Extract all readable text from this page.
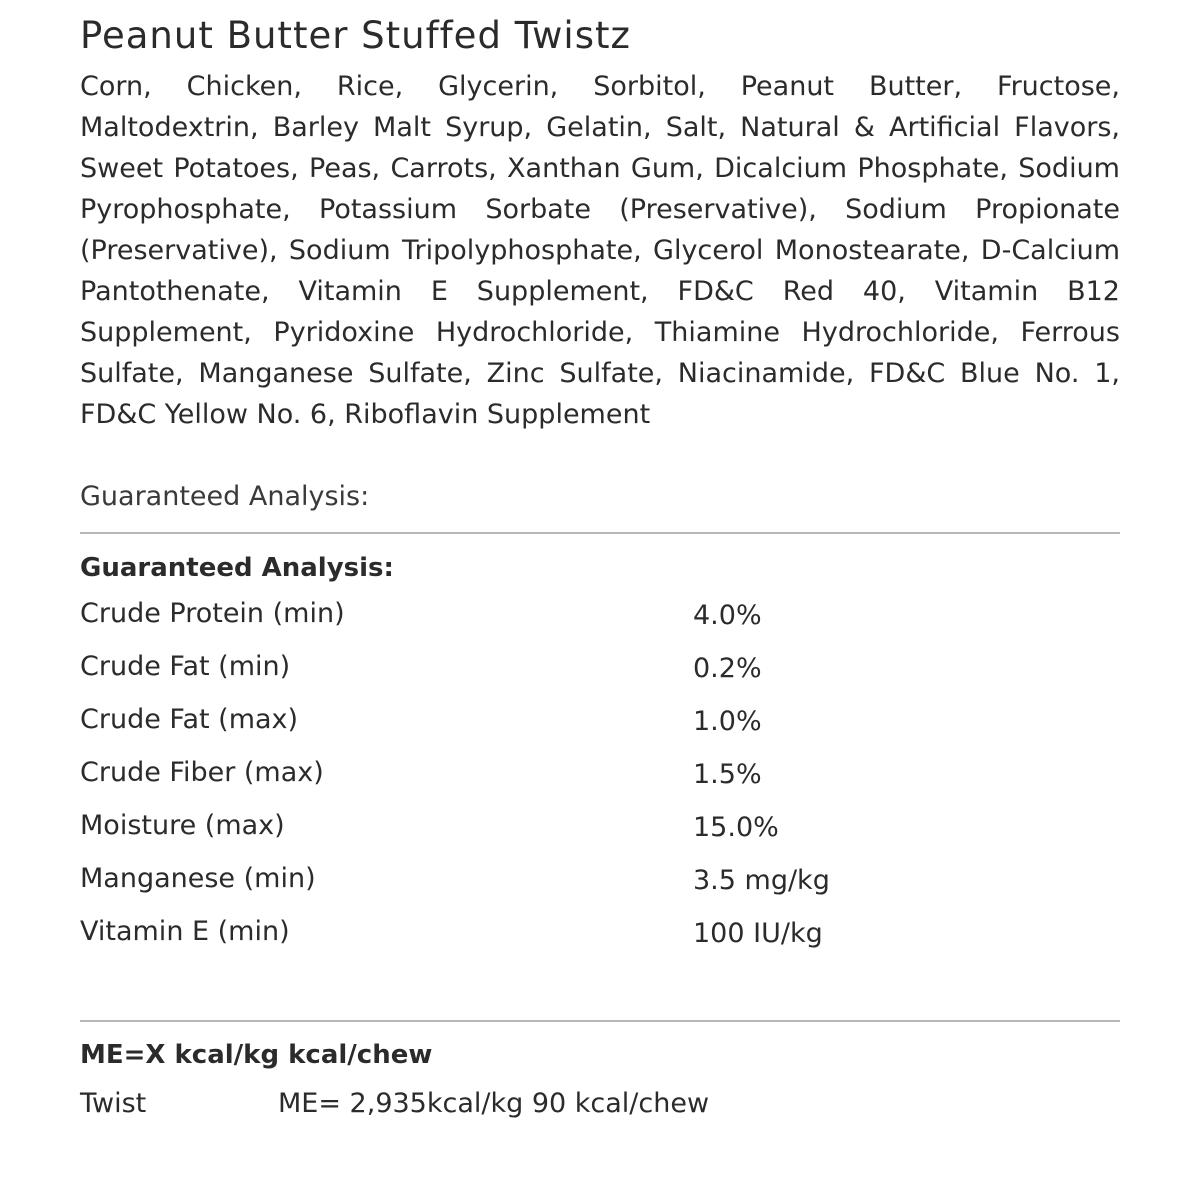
Peanut Butter Stuffed Twistz

Corn, Chicken, Rice, Glycerin, Sorbitol, Peanut Butter, Fructose, Maltodextrin, Barley Malt Syrup, Gelatin, Salt, Natural & Artificial Flavors, Sweet Potatoes, Peas, Carrots, Xanthan Gum, Dicalcium Phosphate, Sodium Pyrophosphate, Potassium Sorbate (Preservative), Sodium Propionate (Preservative), Sodium Tripolyphosphate, Glycerol Monostearate, D-Calcium Pantothenate, Vitamin E Supplement, FD&C Red 40, Vitamin B12 Supplement, Pyridoxine Hydrochloride, Thiamine Hydrochloride, Ferrous Sulfate, Manganese Sulfate, Zinc Sulfate, Niacinamide, FD&C Blue No. 1, FD&C Yellow No. 6, Riboflavin Supplement

Guaranteed Analysis:
Guaranteed Analysis:
Crude Protein (min)	4.0%
Crude Fat (min)	0.2%
Crude Fat (max)	1.0%
Crude Fiber (max)	1.5%
Moisture (max)	15.0%
Manganese (min)	3.5 mg/kg
Vitamin E (min)	100 IU/kg
ME=X kcal/kg kcal/chew
Twist	ME= 2,935kcal/kg 90 kcal/chew
